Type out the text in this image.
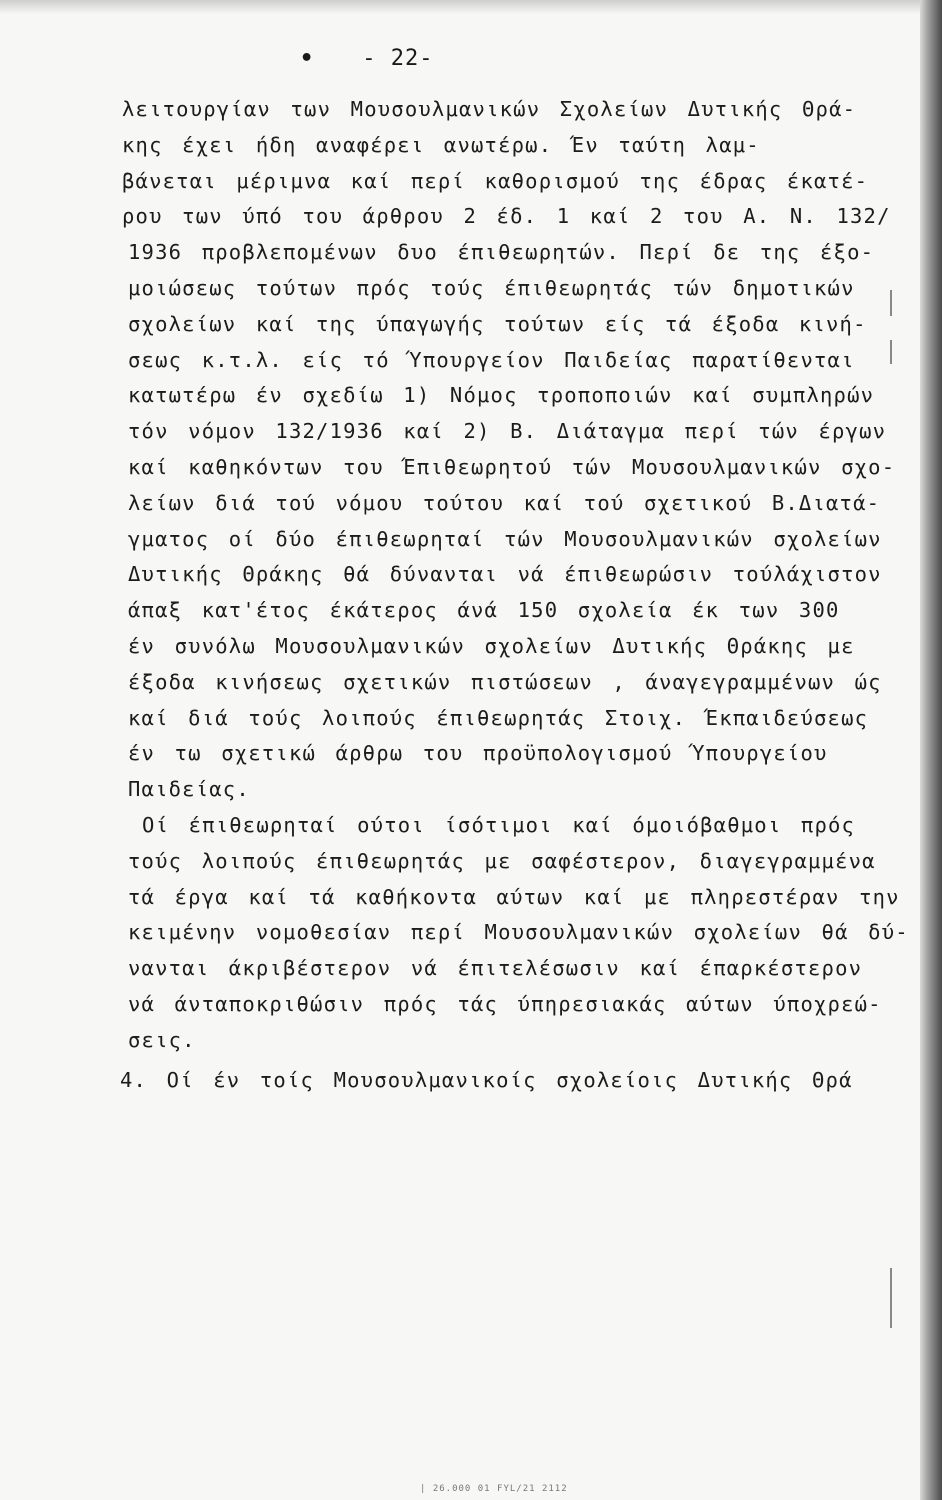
• - 22-
λειτουργίαν των Μουσουλμανικών Σχολείων Δυτικής Θρά-
κης έχει ήδη αναφέρει ανωτέρω. Έν ταύτη λαμ-
βάνεται μέριμνα καί περί καθορισμού της έδρας έκατέ-
ρου των ύπό του άρθρου 2 έδ. 1 καί 2 του Α. Ν. 132/
1936 προβλεπομένων δυο έπιθεωρητών. Περί δε της έξο-
μοιώσεως τούτων πρός τούς έπιθεωρητάς τών δημοτικών
σχολείων καί της ύπαγωγής τούτων είς τά έξοδα κινή-
σεως κ.τ.λ. είς τό Ύπουργείον Παιδείας παρατίθενται
κατωτέρω έν σχεδίω 1) Νόμος τροποποιών καί συμπληρών
τόν νόμον 132/1936 καί 2) Β. Διάταγμα περί τών έργων
καί καθηκόντων του Έπιθεωρητού τών Μουσουλμανικών σχο-
λείων διά τού νόμου τούτου καί τού σχετικού Β.Διατά-
γματος οί δύο έπιθεωρηταί τών Μουσουλμανικών σχολείων
Δυτικής Θράκης θά δύνανται νά έπιθεωρώσιν τούλάχιστον
άπαξ κατ'έτος έκάτερος άνά 150 σχολεία έκ των 300
έν συνόλω Μουσουλμανικών σχολείων Δυτικής Θράκης με
έξοδα κινήσεως σχετικών πιστώσεων , άναγεγραμμένων ώς
καί διά τούς λοιπούς έπιθεωρητάς Στοιχ. Έκπαιδεύσεως
έν τω σχετικώ άρθρω του προϋπολογισμού Ύπουργείου
Παιδείας.
Οί έπιθεωρηταί ούτοι ίσότιμοι καί όμοιόβαθμοι πρός
τούς λοιπούς έπιθεωρητάς με σαφέστερον, διαγεγραμμένα
τά έργα καί τά καθήκοντα αύτων καί με πληρεστέραν την
κειμένην νομοθεσίαν περί Μουσουλμανικών σχολείων θά δύ-
νανται άκριβέστερον νά έπιτελέσωσιν καί έπαρκέστερον
νά άνταποκριθώσιν πρός τάς ύπηρεσιακάς αύτων ύποχρεώ-
σεις.
4. Οί έν τοίς Μουσουλμανικοίς σχολείοις Δυτικής Θρά
| 26.000 01 FYL/21 2112
